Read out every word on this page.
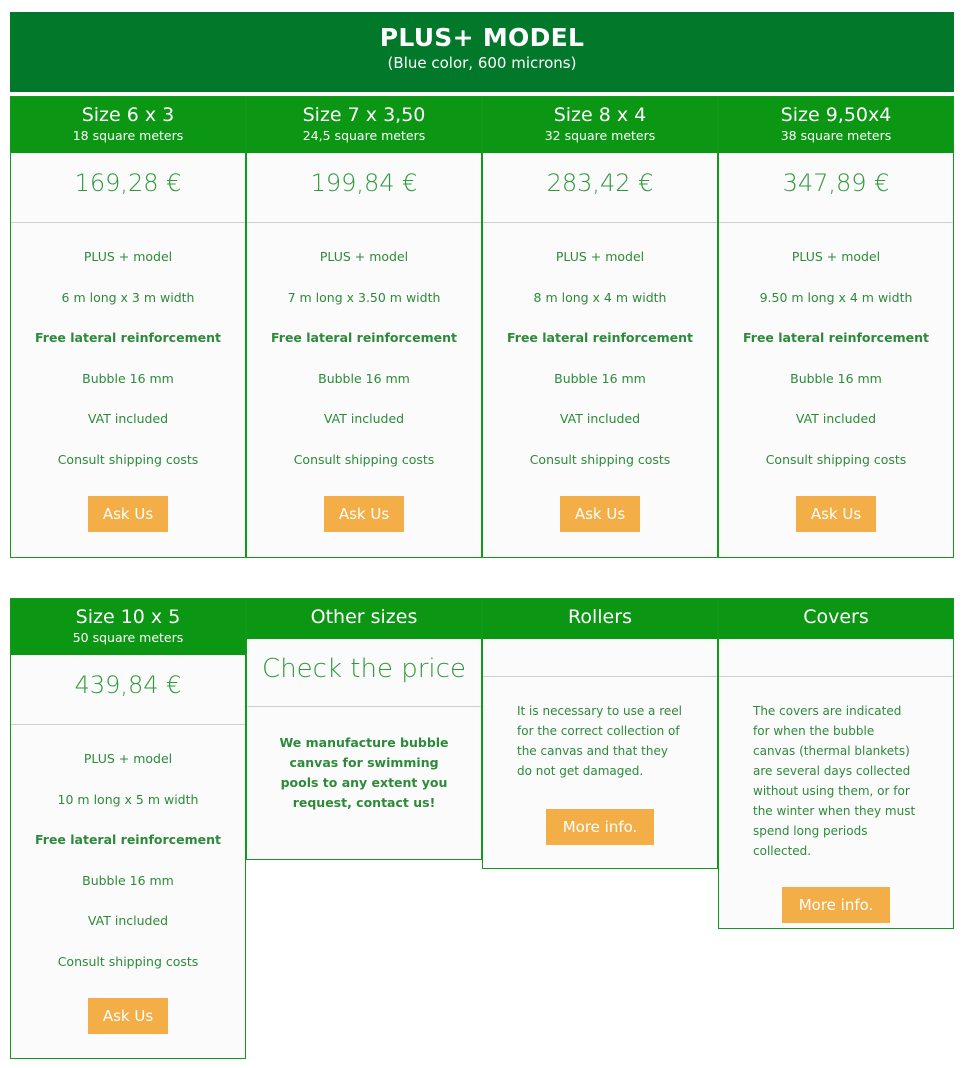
PLUS+ MODEL
(Blue color, 600 microns)
Size 6 x 3
18 square meters
169,28 €
PLUS + model
6 m long x 3 m width
Free lateral reinforcement
Bubble 16 mm
VAT included
Consult shipping costs
Ask Us
Size 7 x 3,50
24,5 square meters
199,84 €
PLUS + model
7 m long x 3.50 m width
Free lateral reinforcement
Bubble 16 mm
VAT included
Consult shipping costs
Ask Us
Size 8 x 4
32 square meters
283,42 €
PLUS + model
8 m long x 4 m width
Free lateral reinforcement
Bubble 16 mm
VAT included
Consult shipping costs
Ask Us
Size 9,50x4
38 square meters
347,89 €
PLUS + model
9.50 m long x 4 m width
Free lateral reinforcement
Bubble 16 mm
VAT included
Consult shipping costs
Ask Us
Size 10 x 5
50 square meters
439,84 €
PLUS + model
10 m long x 5 m width
Free lateral reinforcement
Bubble 16 mm
VAT included
Consult shipping costs
Ask Us
Other sizes
Check the price
We manufacture bubble canvas for swimming pools to any extent you request, contact us!
Rollers
It is necessary to use a reel for the correct collection of the canvas and that they do not get damaged.
More info.
Covers
The covers are indicated for when the bubble canvas (thermal blankets) are several days collected without using them, or for the winter when they must spend long periods collected.
More info.
